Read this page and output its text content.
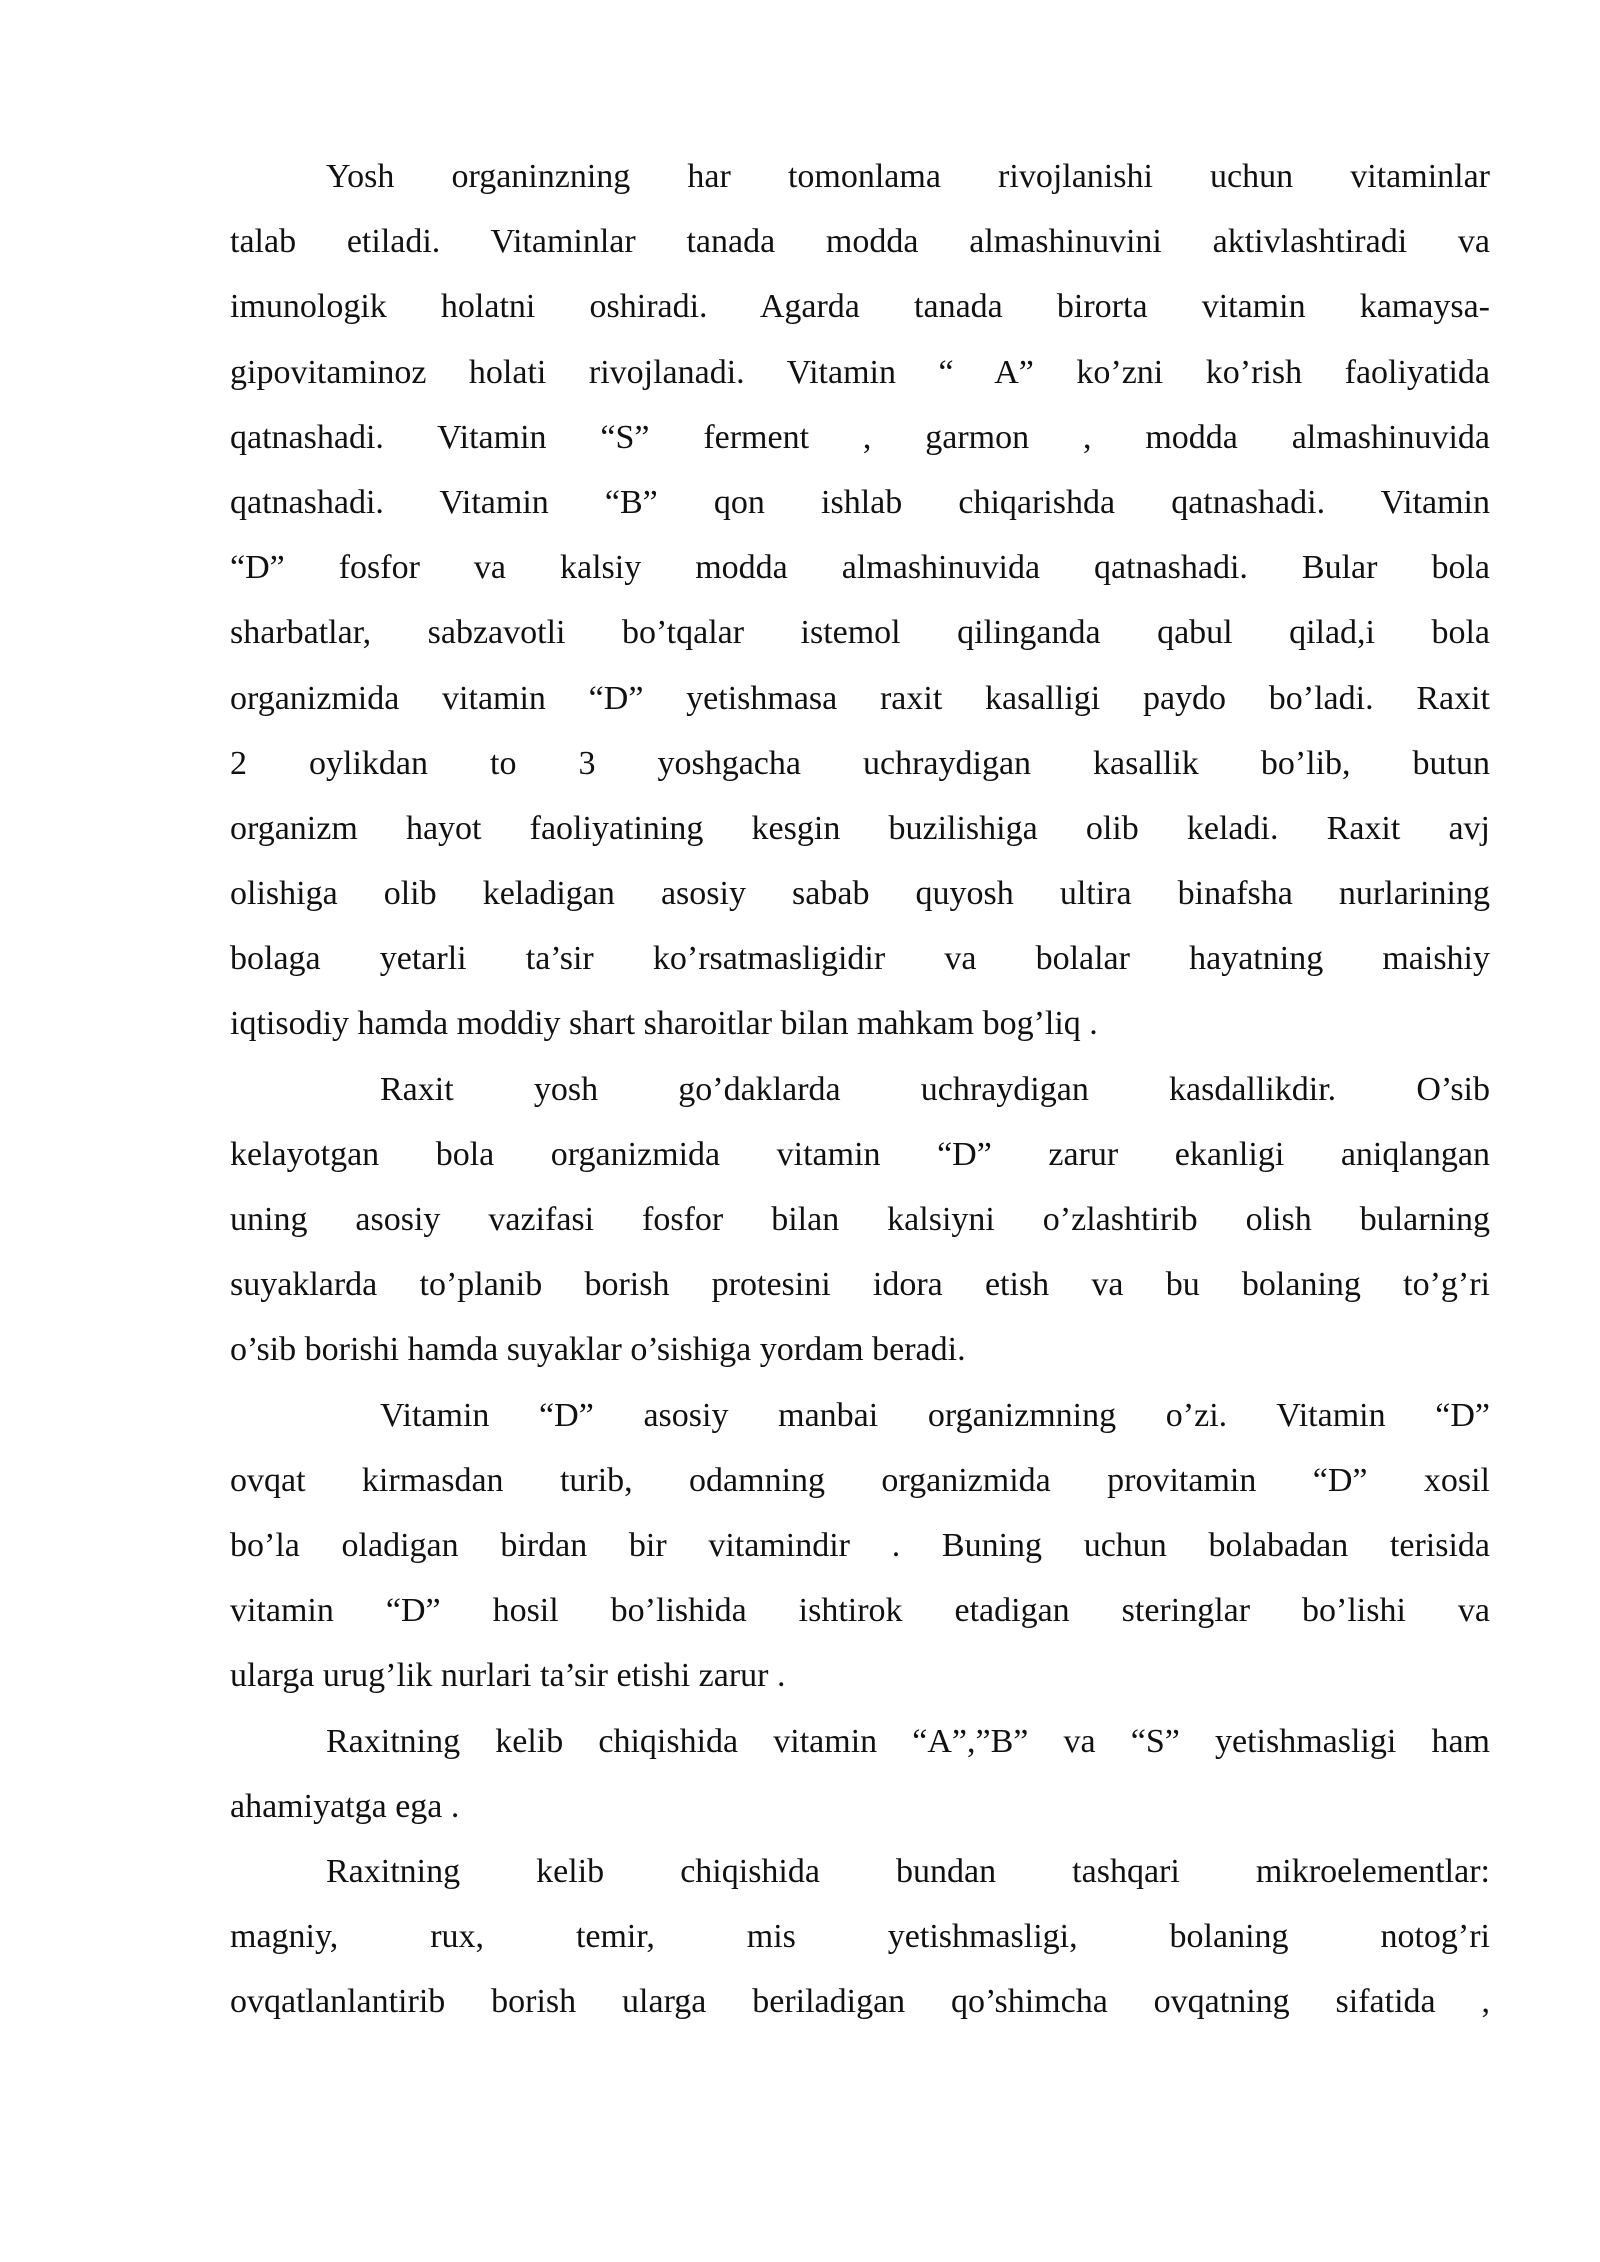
Yosh organinzning har tomonlama rivojlanishi uchun vitaminlar
talab etiladi. Vitaminlar tanada modda almashinuvini aktivlashtiradi va
imunologik holatni oshiradi. Agarda tanada birorta vitamin kamaysa-
gipovitaminoz holati rivojlanadi. Vitamin “ A” ko’zni ko’rish faoliyatida
qatnashadi. Vitamin “S” ferment , garmon , modda almashinuvida
qatnashadi. Vitamin “B” qon ishlab chiqarishda qatnashadi. Vitamin
“D” fosfor va kalsiy modda almashinuvida qatnashadi. Bular bola
sharbatlar, sabzavotli bo’tqalar istemol qilinganda qabul qilad,i bola
organizmida vitamin “D” yetishmasa raxit kasalligi paydo bo’ladi. Raxit
2 oylikdan to 3 yoshgacha uchraydigan kasallik bo’lib, butun
organizm hayot faoliyatining kesgin buzilishiga olib keladi. Raxit avj
olishiga olib keladigan asosiy sabab quyosh ultira binafsha nurlarining
bolaga yetarli ta’sir ko’rsatmasligidir va bolalar hayatning maishiy
iqtisodiy hamda moddiy shart sharoitlar bilan mahkam bog’liq .
Raxit yosh go’daklarda uchraydigan kasdallikdir. O’sib
kelayotgan bola organizmida vitamin “D” zarur ekanligi aniqlangan
uning asosiy vazifasi fosfor bilan kalsiyni o’zlashtirib olish bularning
suyaklarda to’planib borish protesini idora etish va bu bolaning to’g’ri
o’sib borishi hamda suyaklar o’sishiga yordam beradi.
Vitamin “D” asosiy manbai organizmning o’zi. Vitamin “D”
ovqat kirmasdan turib, odamning organizmida provitamin “D” xosil
bo’la oladigan birdan bir vitamindir . Buning uchun bolabadan terisida
vitamin “D” hosil bo’lishida ishtirok etadigan steringlar bo’lishi va
ularga urug’lik nurlari ta’sir etishi zarur .
Raxitning kelib chiqishida vitamin “A”,”B” va “S” yetishmasligi ham
ahamiyatga ega .
Raxitning kelib chiqishida bundan tashqari mikroelementlar:
magniy, rux, temir, mis yetishmasligi, bolaning notog’ri
ovqatlanlantirib borish ularga beriladigan qo’shimcha ovqatning sifatida ,
